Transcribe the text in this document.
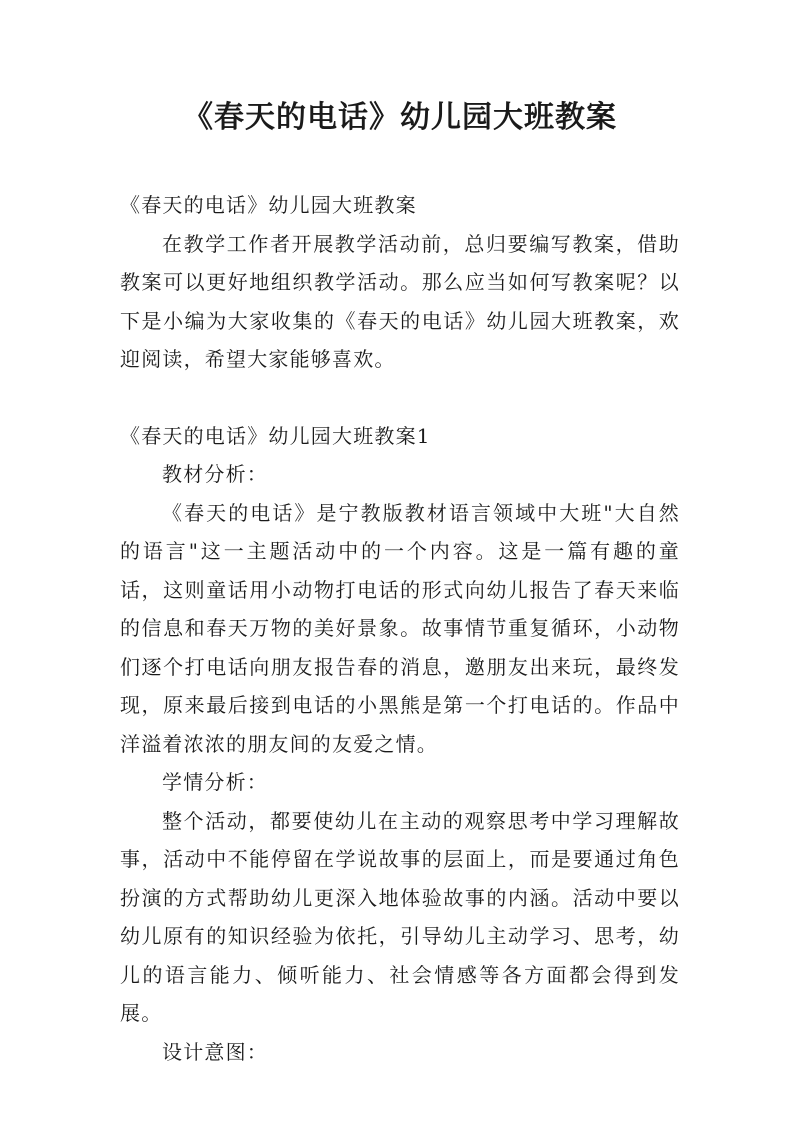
《春天的电话》幼儿园大班教案

《春天的电话》幼儿园大班教案

在教学工作者开展教学活动前，总归要编写教案，借助教案可以更好地组织教学活动。那么应当如何写教案呢？以下是小编为大家收集的《春天的电话》幼儿园大班教案，欢迎阅读，希望大家能够喜欢。

《春天的电话》幼儿园大班教案1

教材分析：

《春天的电话》是宁教版教材语言领域中大班"大自然的语言"这一主题活动中的一个内容。这是一篇有趣的童话，这则童话用小动物打电话的形式向幼儿报告了春天来临的信息和春天万物的美好景象。故事情节重复循环，小动物们逐个打电话向朋友报告春的消息，邀朋友出来玩，最终发现，原来最后接到电话的小黑熊是第一个打电话的。作品中洋溢着浓浓的朋友间的友爱之情。

学情分析：

整个活动，都要使幼儿在主动的观察思考中学习理解故事，活动中不能停留在学说故事的层面上，而是要通过角色扮演的方式帮助幼儿更深入地体验故事的内涵。活动中要以幼儿原有的知识经验为依托，引导幼儿主动学习、思考，幼儿的语言能力、倾听能力、社会情感等各方面都会得到发展。

设计意图：
